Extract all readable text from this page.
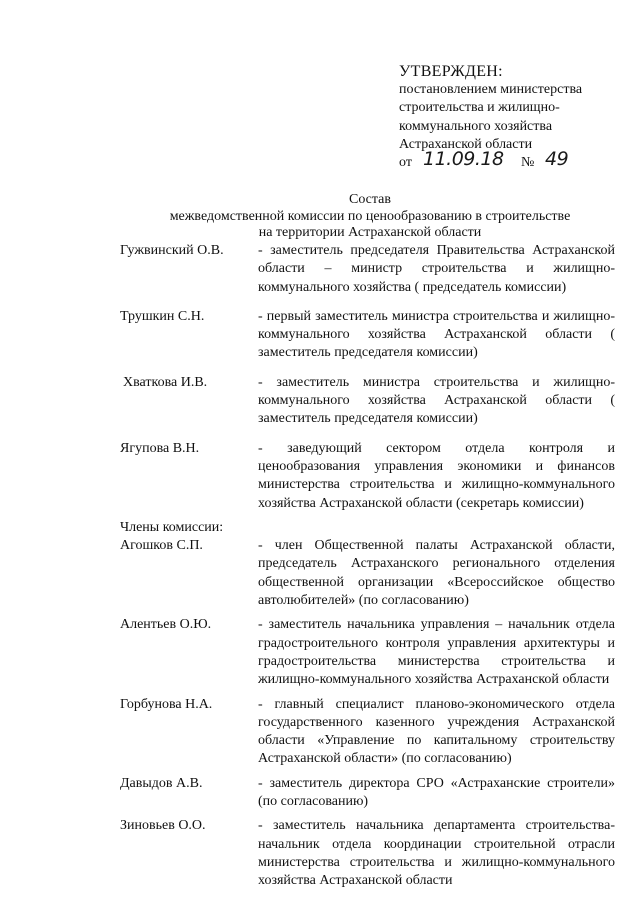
УТВЕРЖДЕН:
постановлением министерства
строительства и жилищно-
коммунального хозяйства
Астраханской области
от 11.09.18 № 49
Состав
межведомственной комиссии по ценообразованию в строительстве
на территории Астраханской области
Гужвинский О.В. - заместитель председателя Правительства Астраханской области – министр строительства и жилищно-коммунального хозяйства ( председатель комиссии)
Трушкин С.Н.	- первый заместитель министра строительства и жилищно-коммунального хозяйства Астраханской области ( заместитель председателя комиссии)
Хваткова И.В.	- заместитель министра строительства и жилищно-коммунального хозяйства Астраханской области ( заместитель председателя комиссии)
Ягупова В.Н.	- заведующий сектором отдела контроля и ценообразования управления экономики и финансов министерства строительства и жилищно-коммунального хозяйства Астраханской области (секретарь комиссии)
Члены комиссии:
Агошков С.П.	- член Общественной палаты Астраханской области, председатель Астраханского регионального отделения общественной организации «Всероссийское общество автолюбителей» (по согласованию)
Алентьев О.Ю.	- заместитель начальника управления – начальник отдела градостроительного контроля управления архитектуры и градостроительства министерства строительства и жилищно-коммунального хозяйства Астраханской области
Горбунова Н.А.	- главный специалист планово-экономического отдела государственного казенного учреждения Астраханской области «Управление по капитальному строительству Астраханской области» (по согласованию)
Давыдов А.В.	- заместитель директора СРО «Астраханские строители» (по согласованию)
Зиновьев О.О.	- заместитель начальника департамента строительства-начальник отдела координации строительной отрасли министерства строительства и жилищно-коммунального хозяйства Астраханской области
